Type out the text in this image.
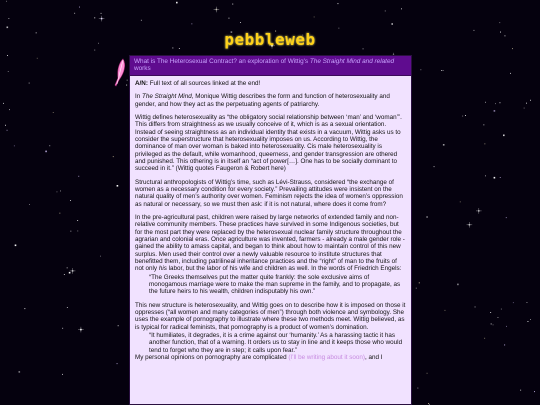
pebbleweb
What is The Heterosexual Contract? an exploration of Wittig's The Straight Mind and related works

A/N: Full text of all sources linked at the end!

In The Straight Mind, Monique Wittig describes the form and function of heterosexuality and gender, and how they act as the perpetuating agents of patriarchy.

Wittig defines heterosexuality as “the obligatory social relationship between ‘man’ and ‘woman’”. This differs from straightness as we usually conceive of it, which is as a sexual orientation. Instead of seeing straightness as an individual identity that exists in a vacuum, Wittig asks us to consider the superstructure that heterosexuality imposes on us. According to Wittig, the dominance of man over woman is baked into heterosexuality. Cis male heterosexuality is privileged as the default, while womanhood, queerness, and gender transgression are othered and punished. This othering is in itself an “act of power[…]. One has to be socially dominant to succeed in it.” (Wittig quotes Faugeron & Robert here)

Structural anthropologists of Wittig’s time, such as Lévi-Strauss, considered “the exchange of women as a necessary condition for every society.” Prevailing attitudes were insistent on the natural quality of men’s authority over women. Feminism rejects the idea of women’s oppression as natural or necessary, so we must then ask: if it is not natural, where does it come from?

In the pre-agricultural past, children were raised by large networks of extended family and non-relative community members. These practices have survived in some Indigenous societies, but for the most part they were replaced by the heterosexual nuclear family structure throughout the agrarian and colonial eras. Once agriculture was invented, farmers - already a male gender role - gained the ability to amass capital, and began to think about how to maintain control of this new surplus. Men used their control over a newly valuable resource to institute structures that benefitted them, including patrilineal inheritance practices and the “right” of man to the fruits of not only his labor, but the labor of his wife and children as well. In the words of Friedrich Engels:

“The Greeks themselves put the matter quite frankly: the sole exclusive aims of monogamous marriage were to make the man supreme in the family, and to propagate, as the future heirs to his wealth, children indisputably his own.”

This new structure is heterosexuality, and Wittig goes on to describe how it is imposed on those it oppresses (“all women and many categories of men”) through both violence and symbology. She uses the example of pornography to illustrate where these two methods meet. Wittig believed, as is typical for radical feminists, that pornography is a product of women’s domination.

“It humiliates, it degrades, it is a crime against our ‘humanity.’ As a harassing tactic it has another function, that of a warning. It orders us to stay in line and it keeps those who would tend to forget who they are in step; it calls upon fear.”

My personal opinions on pornography are complicated (I’ll be writing about it soon), and I
